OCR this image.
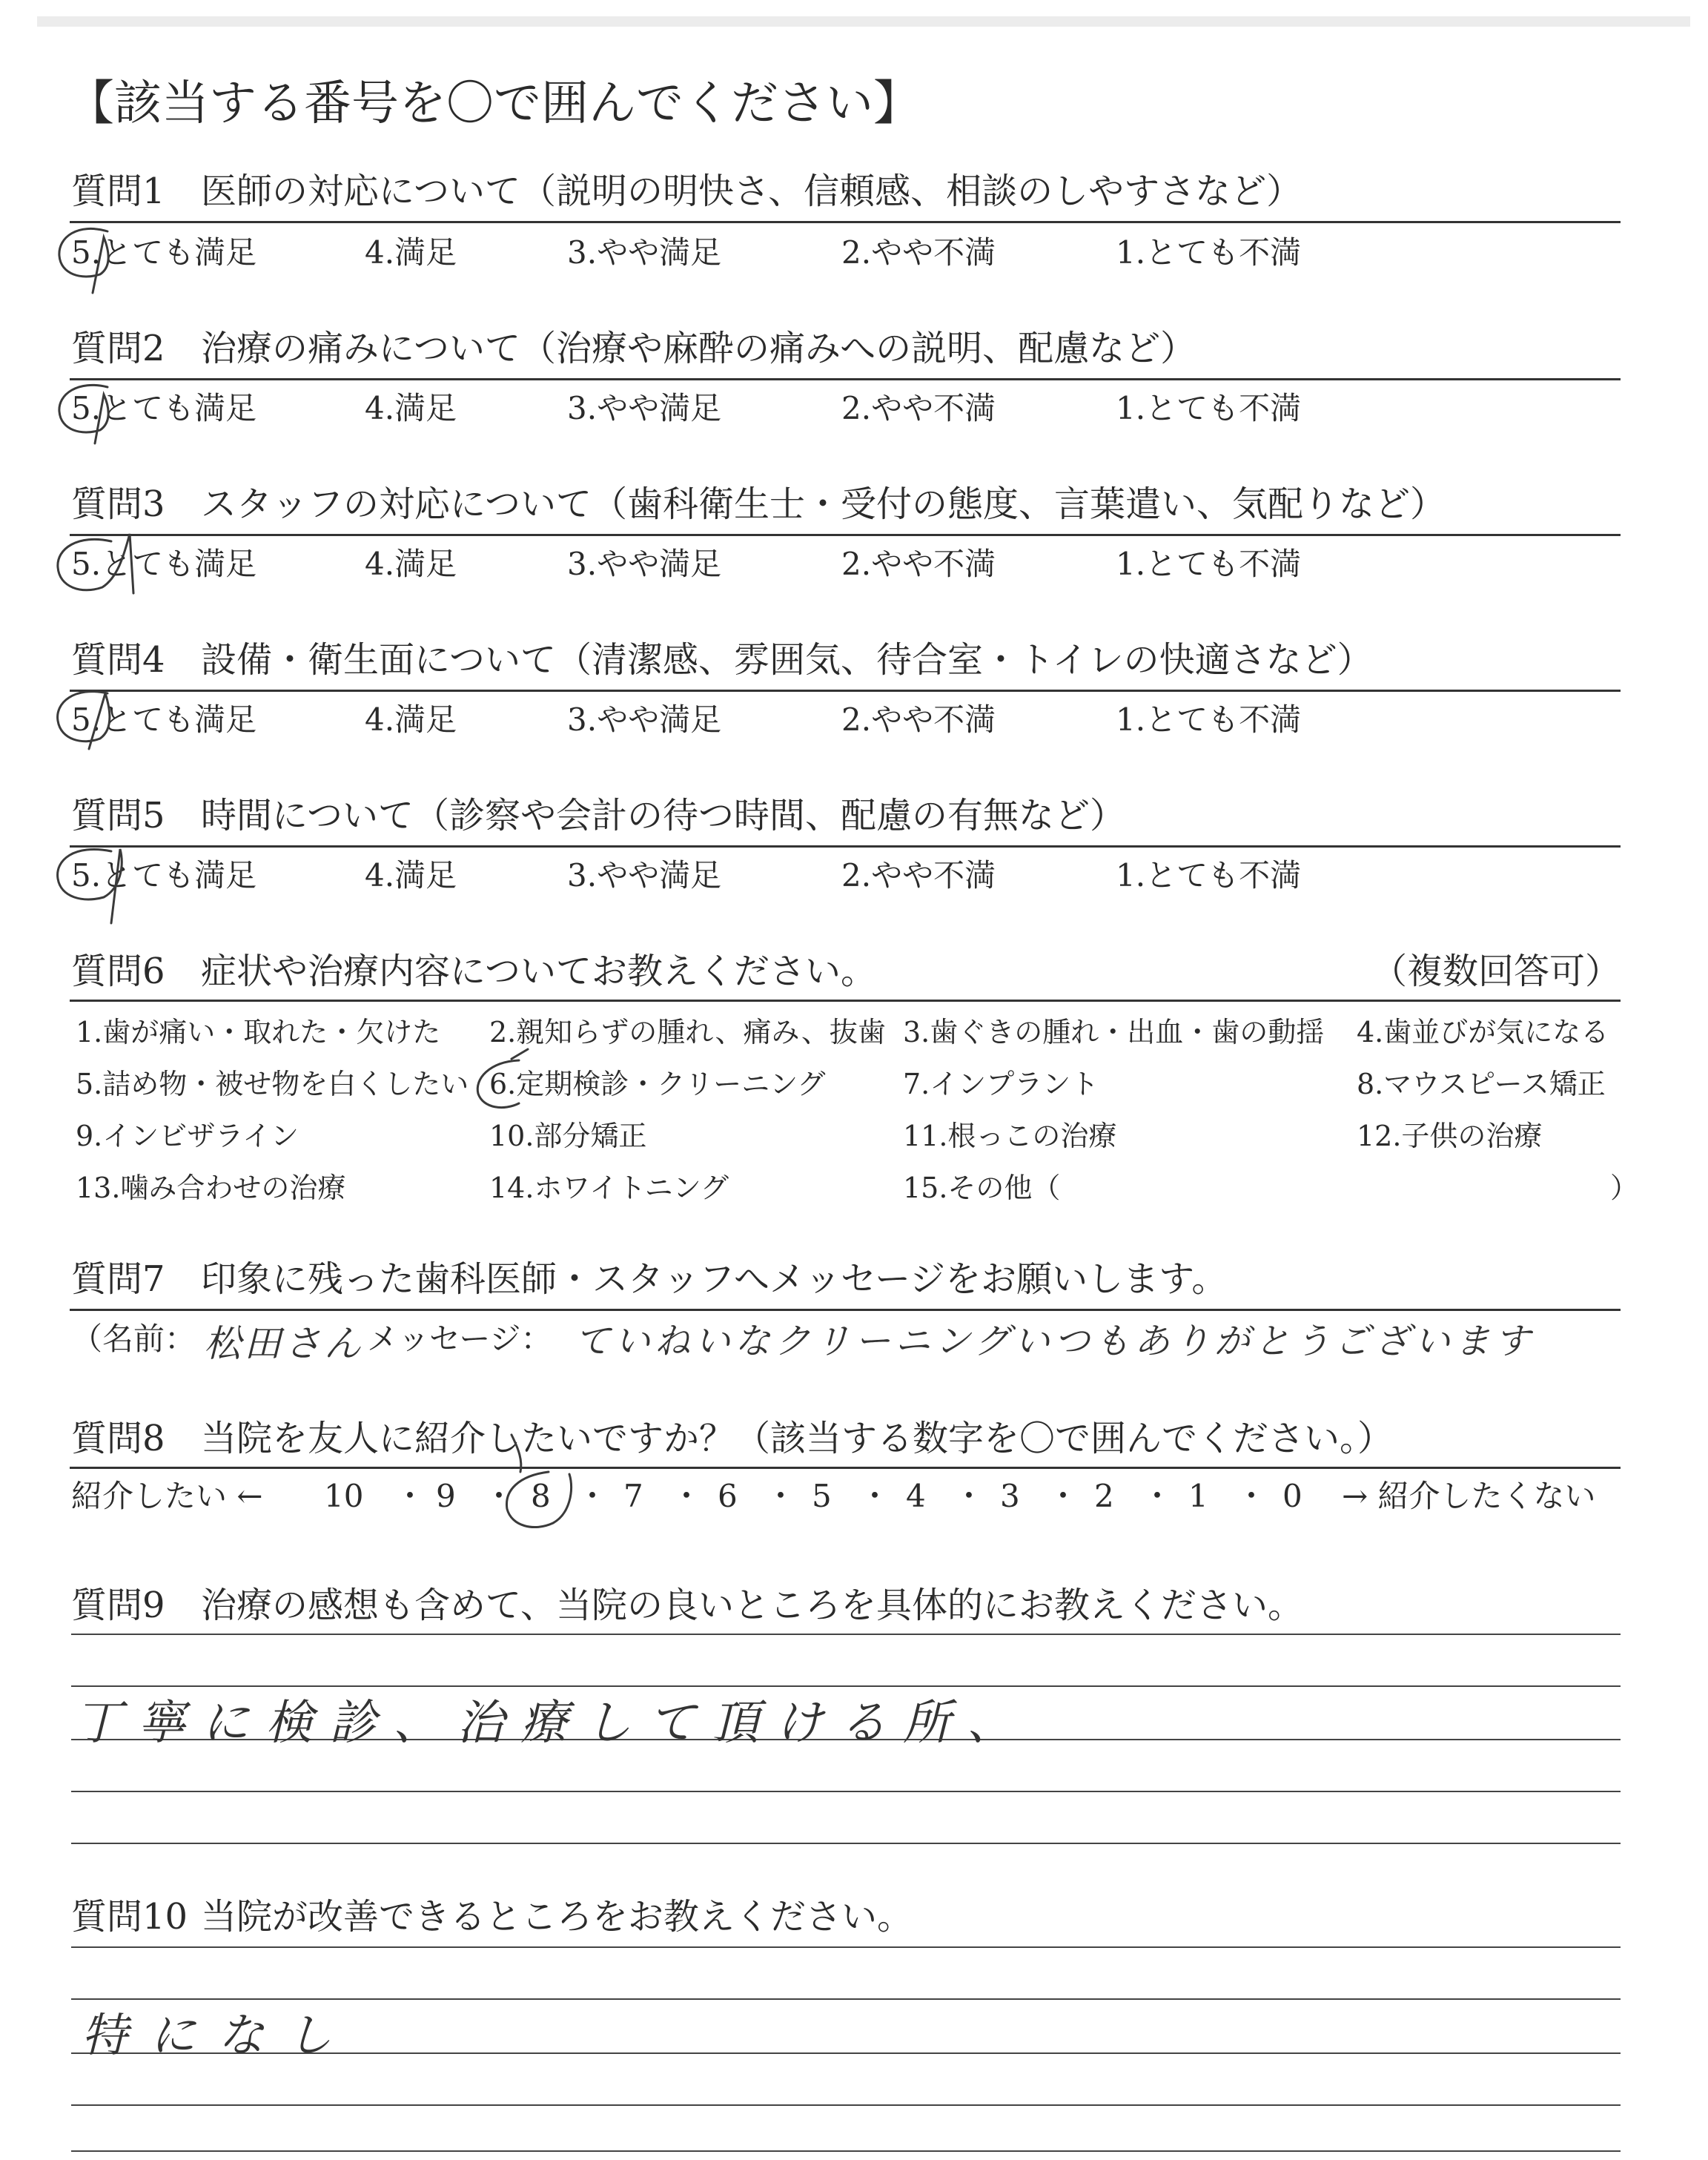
【該当する番号を〇で囲んでください】
質問1 医師の対応について（説明の明快さ、信頼感、相談のしやすさなど）
5.とても満足	4.満足	3.やや満足	2.やや不満	1.とても不満
質問2 治療の痛みについて（治療や麻酔の痛みへの説明、配慮など）
5.とても満足	4.満足	3.やや満足	2.やや不満	1.とても不満
質問3 スタッフの対応について（歯科衛生士・受付の態度、言葉遣い、気配りなど）
5.とても満足	4.満足	3.やや満足	2.やや不満	1.とても不満
質問4 設備・衛生面について（清潔感、雰囲気、待合室・トイレの快適さなど）
5.とても満足	4.満足	3.やや満足	2.やや不満	1.とても不満
質問5 時間について（診察や会計の待つ時間、配慮の有無など）
5.とても満足	4.満足	3.やや満足	2.やや不満	1.とても不満
質問6 症状や治療内容についてお教えください。	（複数回答可）
1.歯が痛い・取れた・欠けた 2.親知らずの腫れ、痛み、抜歯 3.歯ぐきの腫れ・出血・歯の動揺 4.歯並びが気になる
5.詰め物・被せ物を白くしたい 6.定期検診・クリーニング	7.インプラント	8.マウスピース矯正
9.インビザライン	10.部分矯正	11.根っこの治療	12.子供の治療
13.噛み合わせの治療	14.ホワイトニング	15.その他（	）
質問7 印象に残った歯科医師・スタッフへメッセージをお願いします。
（名前： 松田さん メッセージ： ていねいなクリーニングいつもありがとうございます
質問8 当院を友人に紹介したいですか？（該当する数字を〇で囲んでください。）
紹介したい ←	→ 紹介したくない
10 ・ 9 ・ 8 ・ 7 ・ 6 ・ 5 ・ 4 ・ 3 ・ 2 ・ 1 ・ 0
質問9 治療の感想も含めて、当院の良いところを具体的にお教えください。
丁寧に検診、治療して頂ける所、
質問10 当院が改善できるところをお教えください。
特になし
